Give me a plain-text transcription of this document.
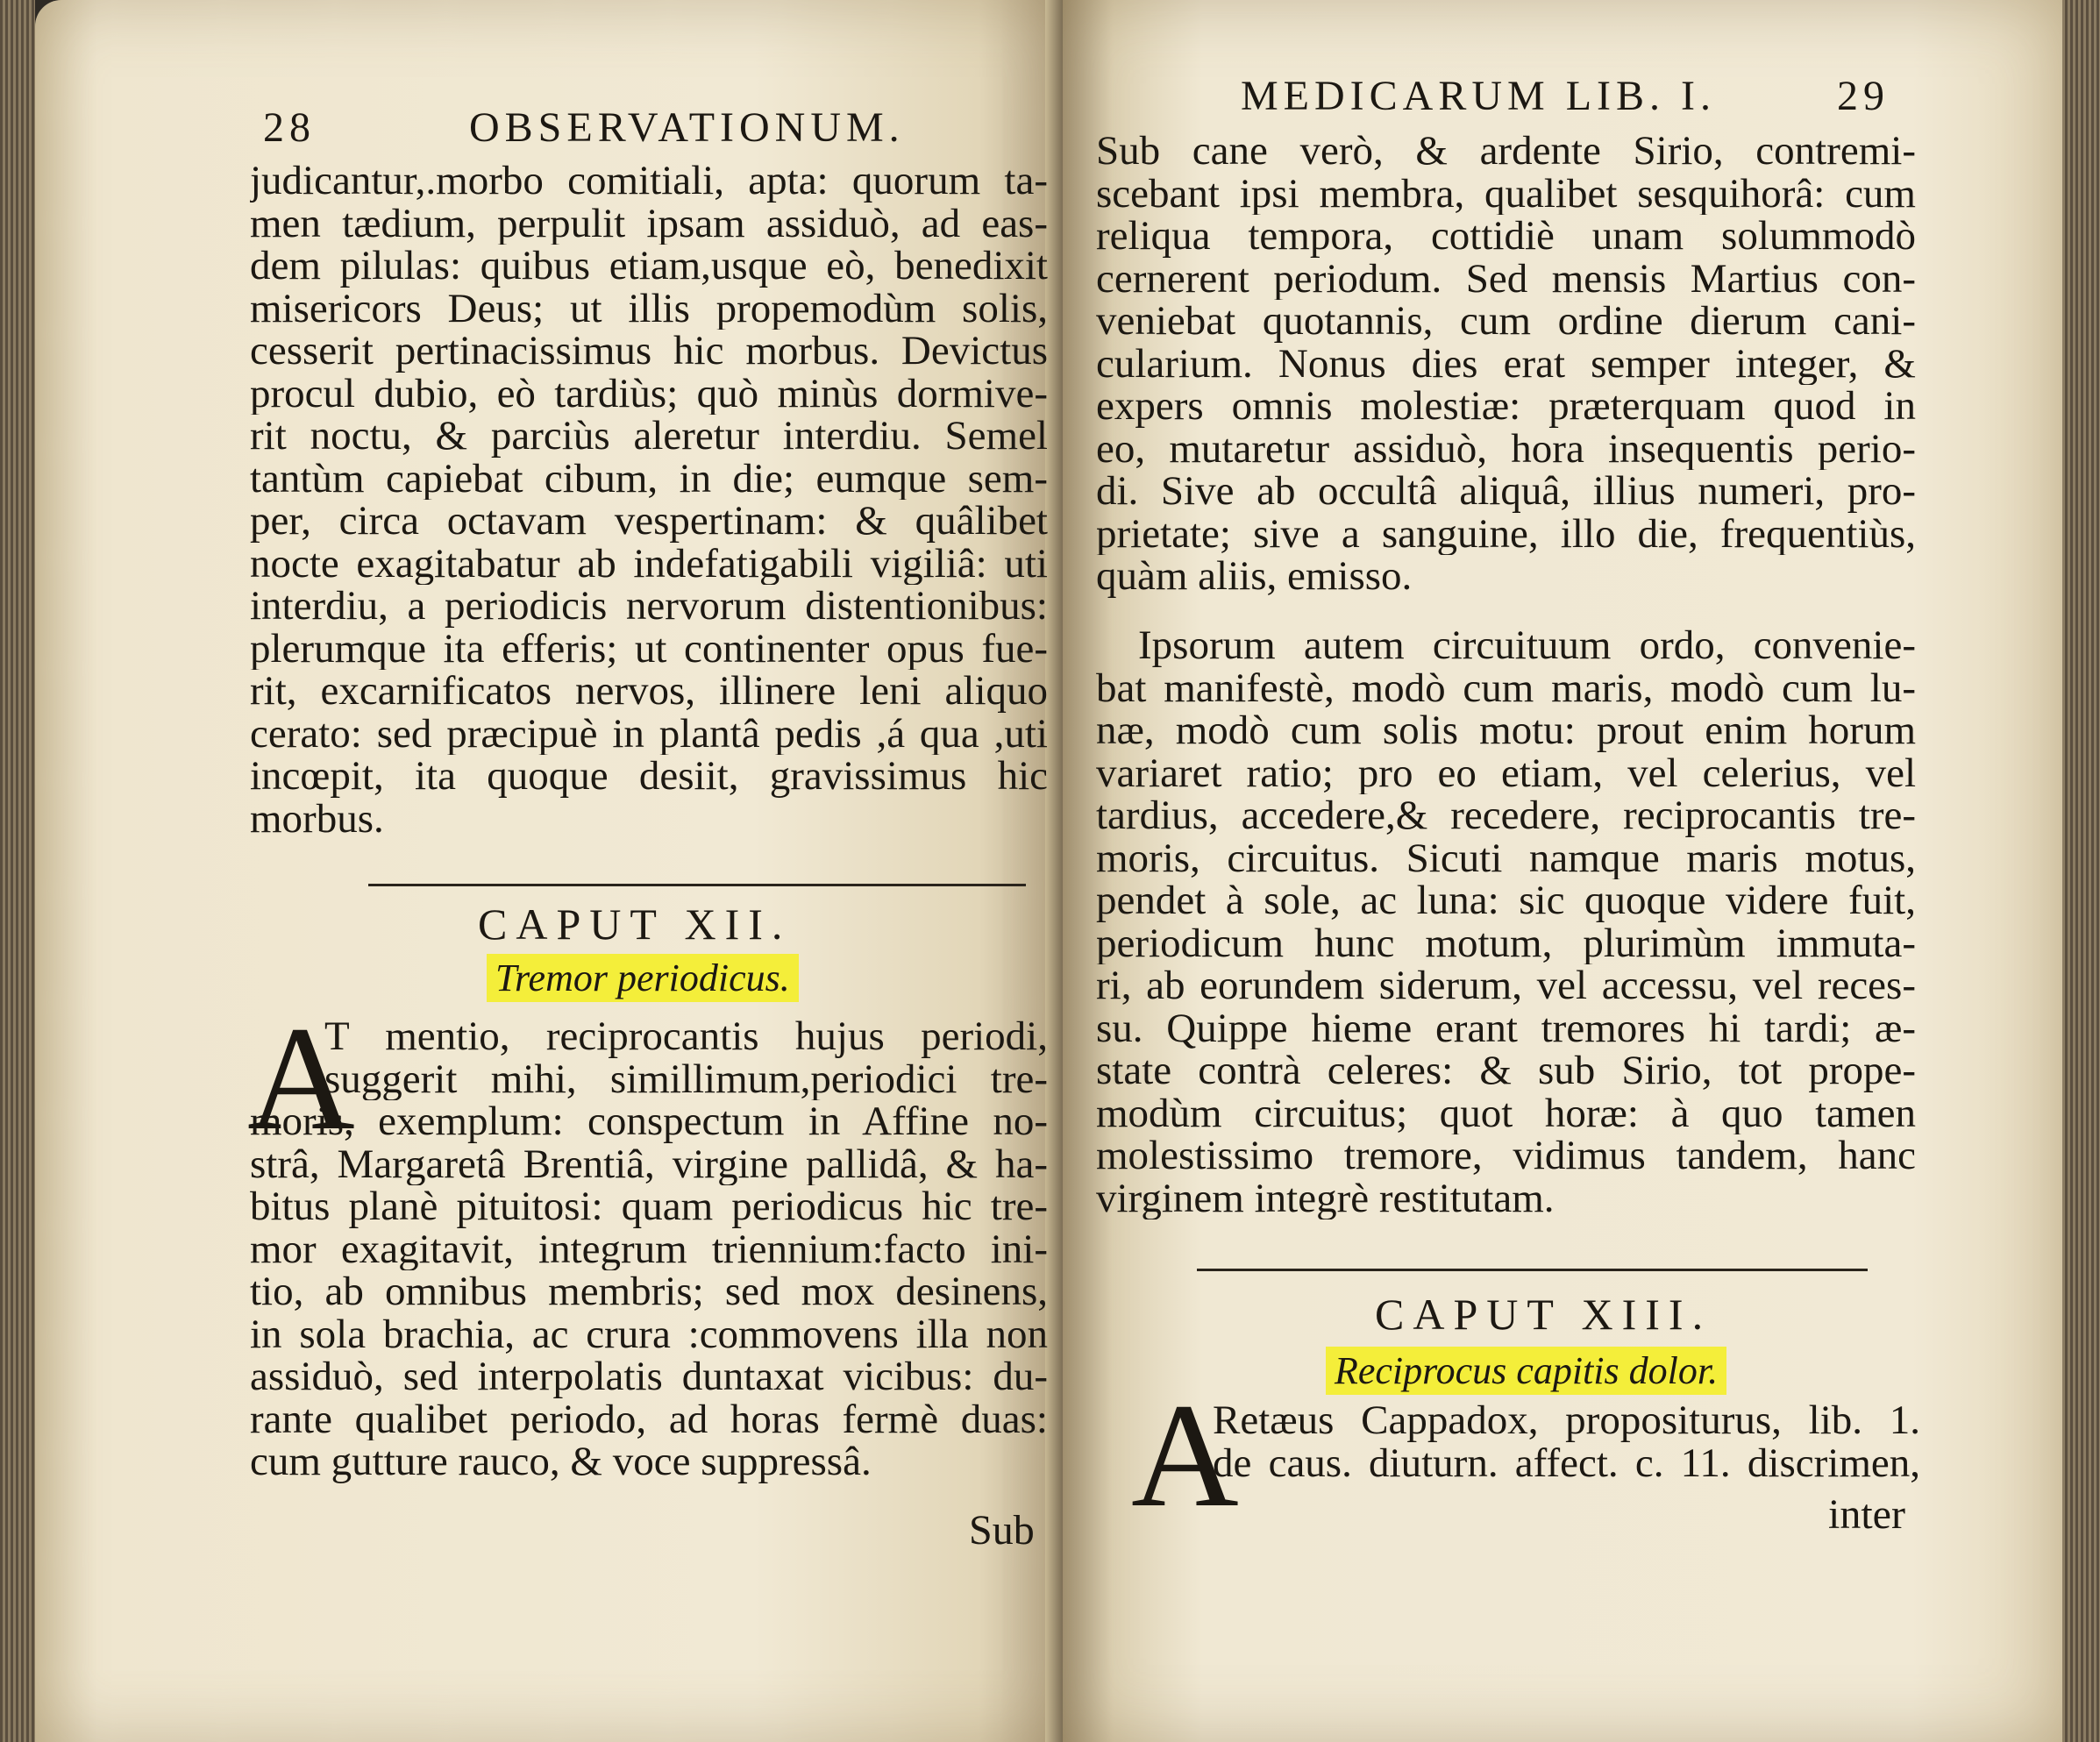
28	OBSERVATIONUM.
judicantur,.morbo comitiali, apta: quorum ta-
men tædium, perpulit ipsam assiduò, ad eas-
dem pilulas: quibus etiam,usque eò, benedixit
misericors Deus; ut illis propemodùm solis,
cesserit pertinacissimus hic morbus. Devictus
procul dubio, eò tardiùs; quò minùs dormive-
rit noctu, & parciùs aleretur interdiu. Semel
tantùm capiebat cibum, in die; eumque sem-
per, circa octavam vespertinam: & quâlibet
nocte exagitabatur ab indefatigabili vigiliâ: uti
interdiu, a periodicis nervorum distentionibus:
plerumque ita efferis; ut continenter opus fue-
rit, excarnificatos nervos, illinere leni aliquo
cerato: sed præcipuè in plantâ pedis ,á qua ,uti
incœpit, ita quoque desiit, gravissimus hic
morbus.
CAPUT XII.
Tremor periodicus.
A
T mentio, reciprocantis hujus periodi,
suggerit mihi, simillimum,periodici tre-
moris, exemplum: conspectum in Affine no-
strâ, Margaretâ Brentiâ, virgine pallidâ, & ha-
bitus planè pituitosi: quam periodicus hic tre-
mor exagitavit, integrum triennium:facto ini-
tio, ab omnibus membris; sed mox desinens,
in sola brachia, ac crura :commovens illa non
assiduò, sed interpolatis duntaxat vicibus: du-
rante qualibet periodo, ad horas fermè duas:
cum gutture rauco, & voce suppressâ.
Sub
MEDICARUM LIB. I.	29
Sub cane verò, & ardente Sirio, contremi-
scebant ipsi membra, qualibet sesquihorâ: cum
reliqua tempora, cottidiè unam solummodò
cernerent periodum. Sed mensis Martius con-
veniebat quotannis, cum ordine dierum cani-
cularium. Nonus dies erat semper integer, &
expers omnis molestiæ: præterquam quod in
eo, mutaretur assiduò, hora insequentis perio-
di. Sive ab occultâ aliquâ, illius numeri, pro-
prietate; sive a sanguine, illo die, frequentiùs,
quàm aliis, emisso.
Ipsorum autem circuituum ordo, convenie-
bat manifestè, modò cum maris, modò cum lu-
næ, modò cum solis motu: prout enim horum
variaret ratio; pro eo etiam, vel celerius, vel
tardius, accedere,& recedere, reciprocantis tre-
moris, circuitus. Sicuti namque maris motus,
pendet à sole, ac luna: sic quoque videre fuit,
periodicum hunc motum, plurimùm immuta-
ri, ab eorundem siderum, vel accessu, vel reces-
su. Quippe hieme erant tremores hi tardi; æ-
state contrà celeres: & sub Sirio, tot prope-
modùm circuitus; quot horæ: à quo tamen
molestissimo tremore, vidimus tandem, hanc
virginem integrè restitutam.
CAPUT XIII.
Reciprocus capitis dolor.
A
Retæus Cappadox, propositurus, lib. 1.
de caus. diuturn. affect. c. 11. discrimen,
inter
